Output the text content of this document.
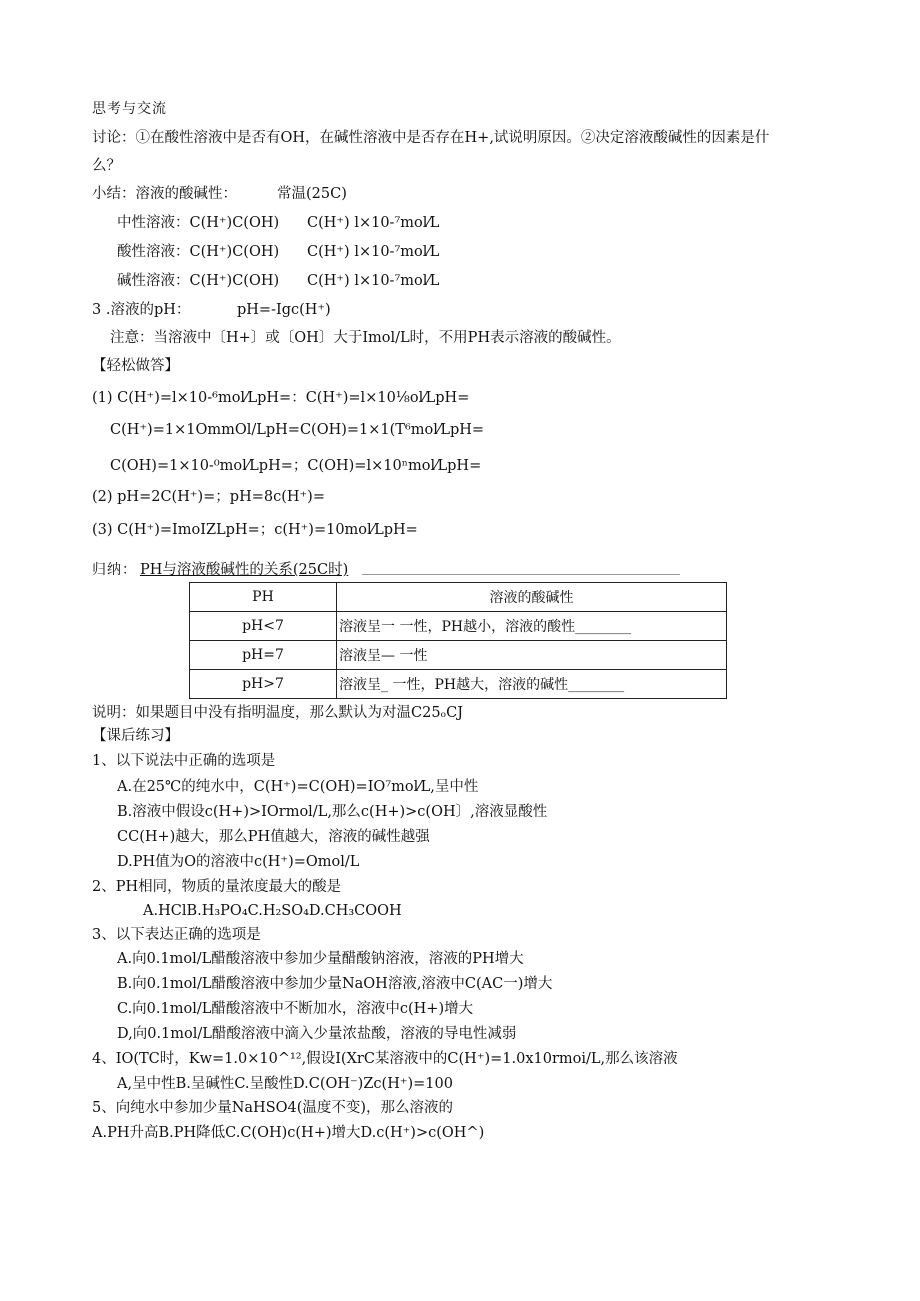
思考与交流
讨论：①在酸性溶液中是否有OH，在碱性溶液中是否存在H+,试说明原因。②决定溶液酸碱性的因素是什
么？
小结：溶液的酸碱性：	常温(25C)
中性溶液：C(H⁺)C(OH) C(H⁺) l×10-⁷mol⁄L
酸性溶液：C(H⁺)C(OH) C(H⁺) l×10-⁷mol⁄L
碱性溶液：C(H⁺)C(OH) C(H⁺) l×10-⁷mol⁄L
3 .溶液的pH：	pH=-Igc(H⁺)
注意：当溶液中〔H+〕或〔OH〕大于Imol/L时，不用PH表示溶液的酸碱性。
【轻松做答】
(1) C(H⁺)=l×10-⁶mol⁄LpH=：C(H⁺)=l×10⅛ol⁄LpH=
C(H⁺)=1×1OmmOl/LpH=C(OH)=1×1(T⁶mol⁄LpH=
C(OH)=1×10-⁰mol⁄LpH=；C(OH)=l×10ⁿmol⁄LpH=
(2) pH=2C(H⁺)=；pH=8c(H⁺)=
(3) C(H⁺)=ImoIZLpH=；c(H⁺)=10mol⁄LpH=
归纳： PH与溶液酸碱性的关系(25C时)
PH	溶液的酸碱性
pH<7	溶液呈一 一性，PH越小，溶液的酸性________
pH=7	溶液呈— 一性
pH>7	溶液呈_ 一性，PH越大，溶液的碱性________
说明：如果题目中没有指明温度，那么默认为对温C25ₒCJ
【课后练习】
1、以下说法中正确的选项是
A.在25℃的纯水中，C(H⁺)=C(OH)=IO⁷mol⁄L,呈中性
B.溶液中假设c(H+)>IOrmol/L,那么c(H+)>c(OH〕,溶液显酸性
CC(H+)越大，那么PH值越大，溶液的碱性越强
D.PH值为O的溶液中c(H⁺)=Omol/L
2、PH相同，物质的量浓度最大的酸是
A.HClB.H₃PO₄C.H₂SO₄D.CH₃COOH
3、以下表达正确的选项是
A.向0.1mol/L醋酸溶液中参加少量醋酸钠溶液，溶液的PH增大
B.向0.1mol/L醋酸溶液中参加少量NaOH溶液,溶液中C(AC一)增大
C.向0.1mol/L醋酸溶液中不断加水，溶液中c(H+)增大
D,向0.1mol/L醋酸溶液中滴入少量浓盐酸，溶液的导电性减弱
4、IO(TC时，Kw=1.0×10^¹²,假设I(XrC某溶液中的C(H⁺)=1.0x10rmoi/L,那么该溶液
A,呈中性B.呈碱性C.呈酸性D.C(OH⁻)Zc(H⁺)=100
5、向纯水中参加少量NaHSO4(温度不变)，那么溶液的
A.PH升高B.PH降低C.C(OH)c(H+)增大D.c(H⁺)>c(OH^)
